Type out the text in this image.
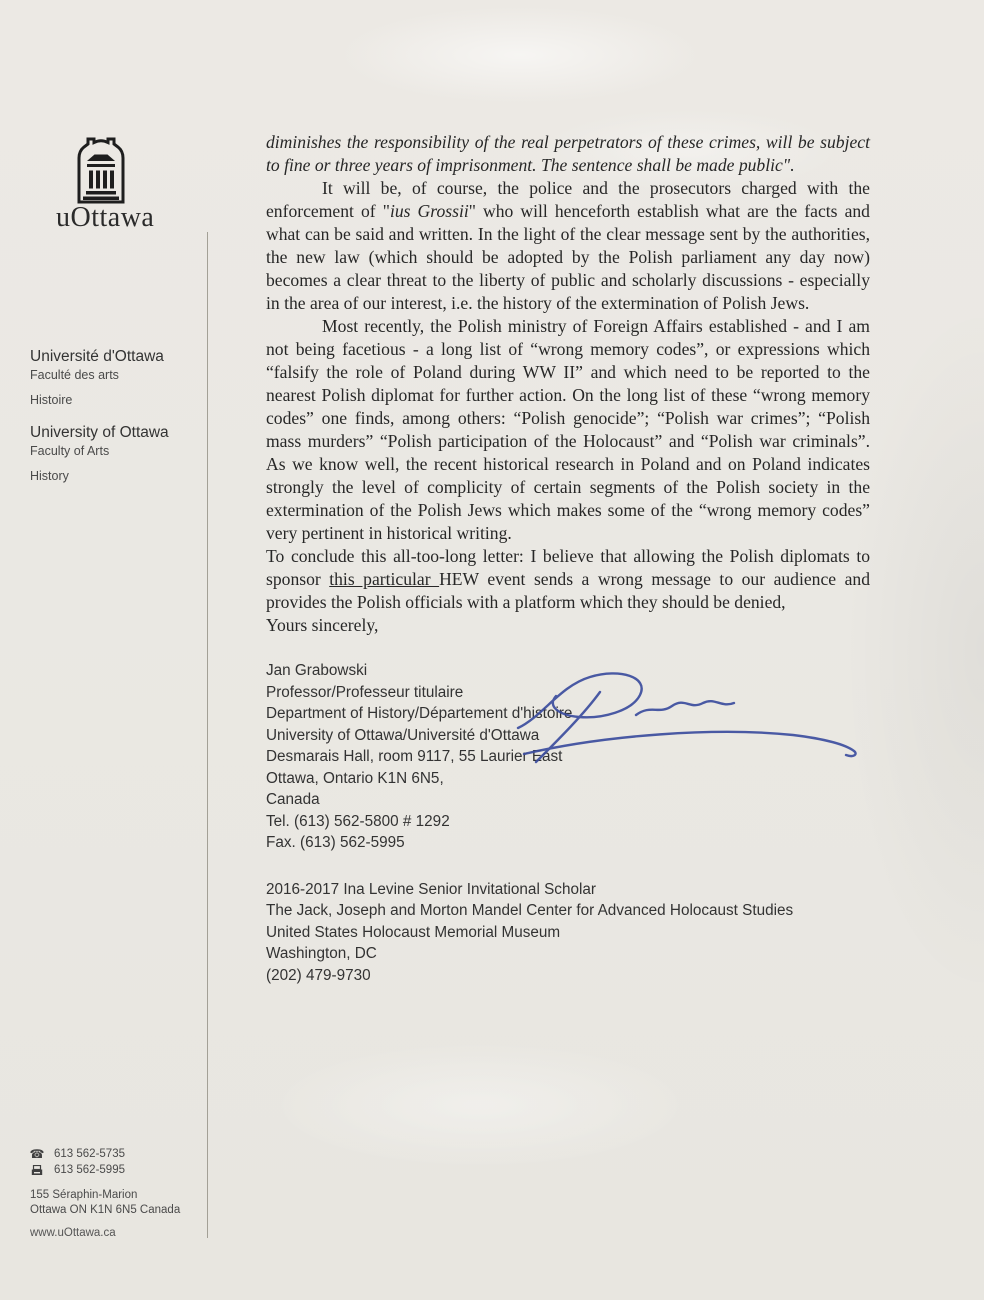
uOttawa
Université d'Ottawa
Faculté des arts
Histoire
University of Ottawa
Faculty of Arts
History
☎ 613 562-5735
613 562-5995
155 Séraphin-Marion
Ottawa ON K1N 6N5 Canada
www.uOttawa.ca

diminishes the responsibility of the real perpetrators of these crimes, will be subject to fine or three years of imprisonment. The sentence shall be made public".

It will be, of course, the police and the prosecutors charged with the enforcement of "ius Grossii" who will henceforth establish what are the facts and what can be said and written. In the light of the clear message sent by the authorities, the new law (which should be adopted by the Polish parliament any day now) becomes a clear threat to the liberty of public and scholarly discussions - especially in the area of our interest, i.e. the history of the extermination of Polish Jews.

Most recently, the Polish ministry of Foreign Affairs established - and I am not being facetious - a long list of “wrong memory codes”, or expressions which “falsify the role of Poland during WW II” and which need to be reported to the nearest Polish diplomat for further action. On the long list of these “wrong memory codes” one finds, among others: “Polish genocide”; “Polish war crimes”; “Polish mass murders” “Polish participation of the Holocaust” and “Polish war criminals”. As we know well, the recent historical research in Poland and on Poland indicates strongly the level of complicity of certain segments of the Polish society in the extermination of the Polish Jews which makes some of the “wrong memory codes” very pertinent in historical writing.

To conclude this all-too-long letter: I believe that allowing the Polish diplomats to sponsor this particular HEW event sends a wrong message to our audience and provides the Polish officials with a platform which they should be denied,

Yours sincerely,

Jan Grabowski
Professor/Professeur titulaire
Department of History/Département d'histoire
University of Ottawa/Université d'Ottawa
Desmarais Hall, room 9117, 55 Laurier East
Ottawa, Ontario K1N 6N5,
Canada
Tel. (613) 562-5800 # 1292
Fax. (613) 562-5995
2016-2017 Ina Levine Senior Invitational Scholar
The Jack, Joseph and Morton Mandel Center for Advanced Holocaust Studies
United States Holocaust Memorial Museum
Washington, DC
(202) 479-9730
